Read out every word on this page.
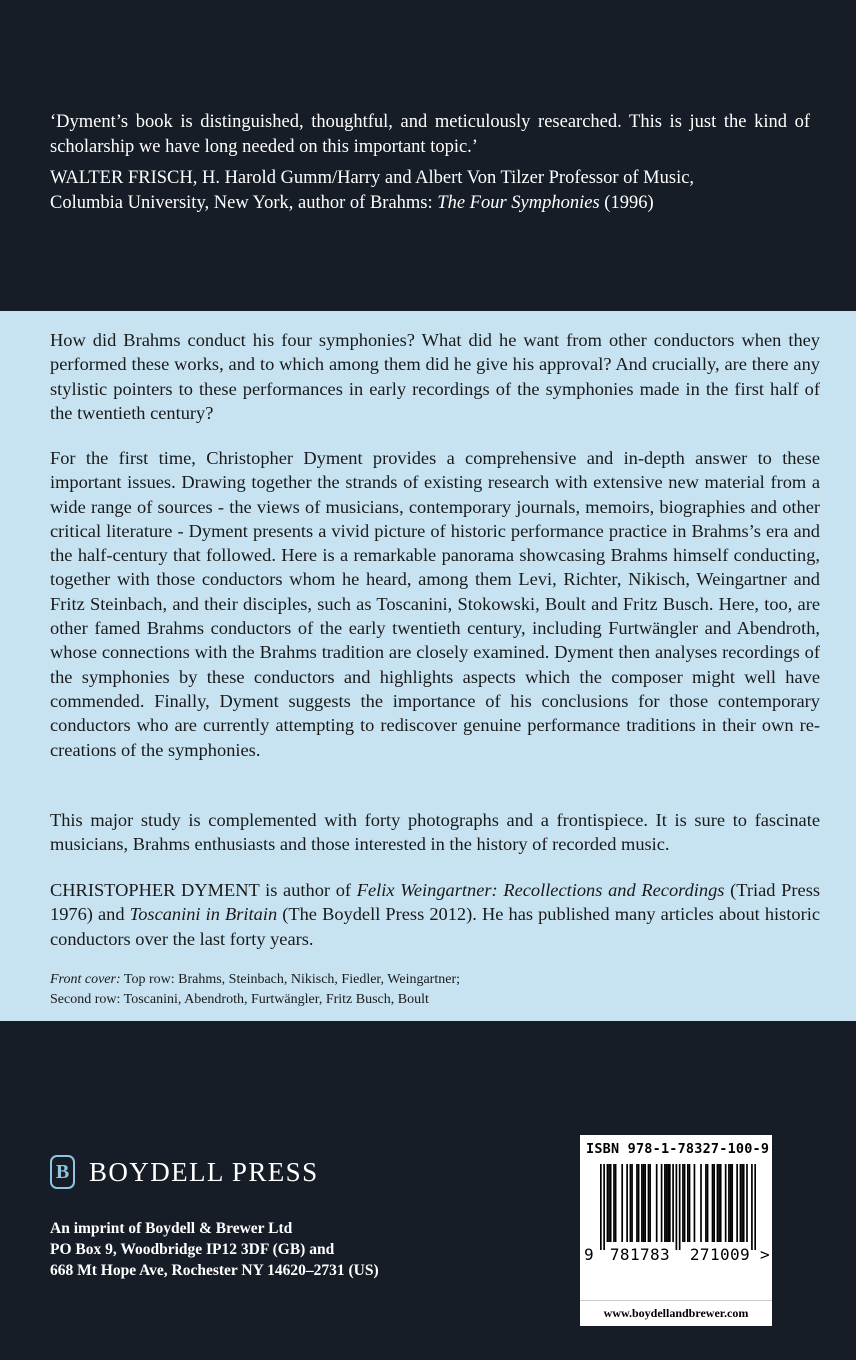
‘Dyment’s book is distinguished, thoughtful, and meticulously researched. This is just the kind of scholarship we have long needed on this important topic.’

WALTER FRISCH, H. Harold Gumm/Harry and Albert Von Tilzer Professor of Music,
Columbia University, New York, author of Brahms: The Four Symphonies (1996)

How did Brahms conduct his four symphonies? What did he want from other conductors when they performed these works, and to which among them did he give his approval? And crucially, are there any stylistic pointers to these performances in early recordings of the symphonies made in the first half of the twentieth century?

For the first time, Christopher Dyment provides a comprehensive and in-depth answer to these important issues. Drawing together the strands of existing research with extensive new material from a wide range of sources - the views of musicians, contemporary journals, memoirs, biographies and other critical literature - Dyment presents a vivid picture of historic performance practice in Brahms’s era and the half-century that followed. Here is a remarkable panorama showcasing Brahms himself conducting, together with those conductors whom he heard, among them Levi, Richter, Nikisch, Weingartner and Fritz Steinbach, and their disciples, such as Toscanini, Stokowski, Boult and Fritz Busch. Here, too, are other famed Brahms conductors of the early twentieth century, including Furtwängler and Abendroth, whose connections with the Brahms tradition are closely examined. Dyment then analyses recordings of the symphonies by these conductors and highlights aspects which the composer might well have commended. Finally, Dyment suggests the importance of his conclusions for those contemporary conductors who are currently attempting to rediscover genuine performance traditions in their own re-creations of the symphonies.

This major study is complemented with forty photographs and a frontispiece. It is sure to fascinate musicians, Brahms enthusiasts and those interested in the history of recorded music.

CHRISTOPHER DYMENT is author of Felix Weingartner: Recollections and Recordings (Triad Press 1976) and Toscanini in Britain (The Boydell Press 2012). He has published many articles about historic conductors over the last forty years.

Front cover: Top row: Brahms, Steinbach, Nikisch, Fiedler, Weingartner;
Second row: Toscanini, Abendroth, Furtwängler, Fritz Busch, Boult

B BOYDELL PRESS

An imprint of Boydell & Brewer Ltd
PO Box 9, Woodbridge IP12 3DF (GB) and
668 Mt Hope Ave, Rochester NY 14620–2731 (US)

ISBN 978-1-78327-100-9
9	781783	271009 >
www.boydellandbrewer.com
